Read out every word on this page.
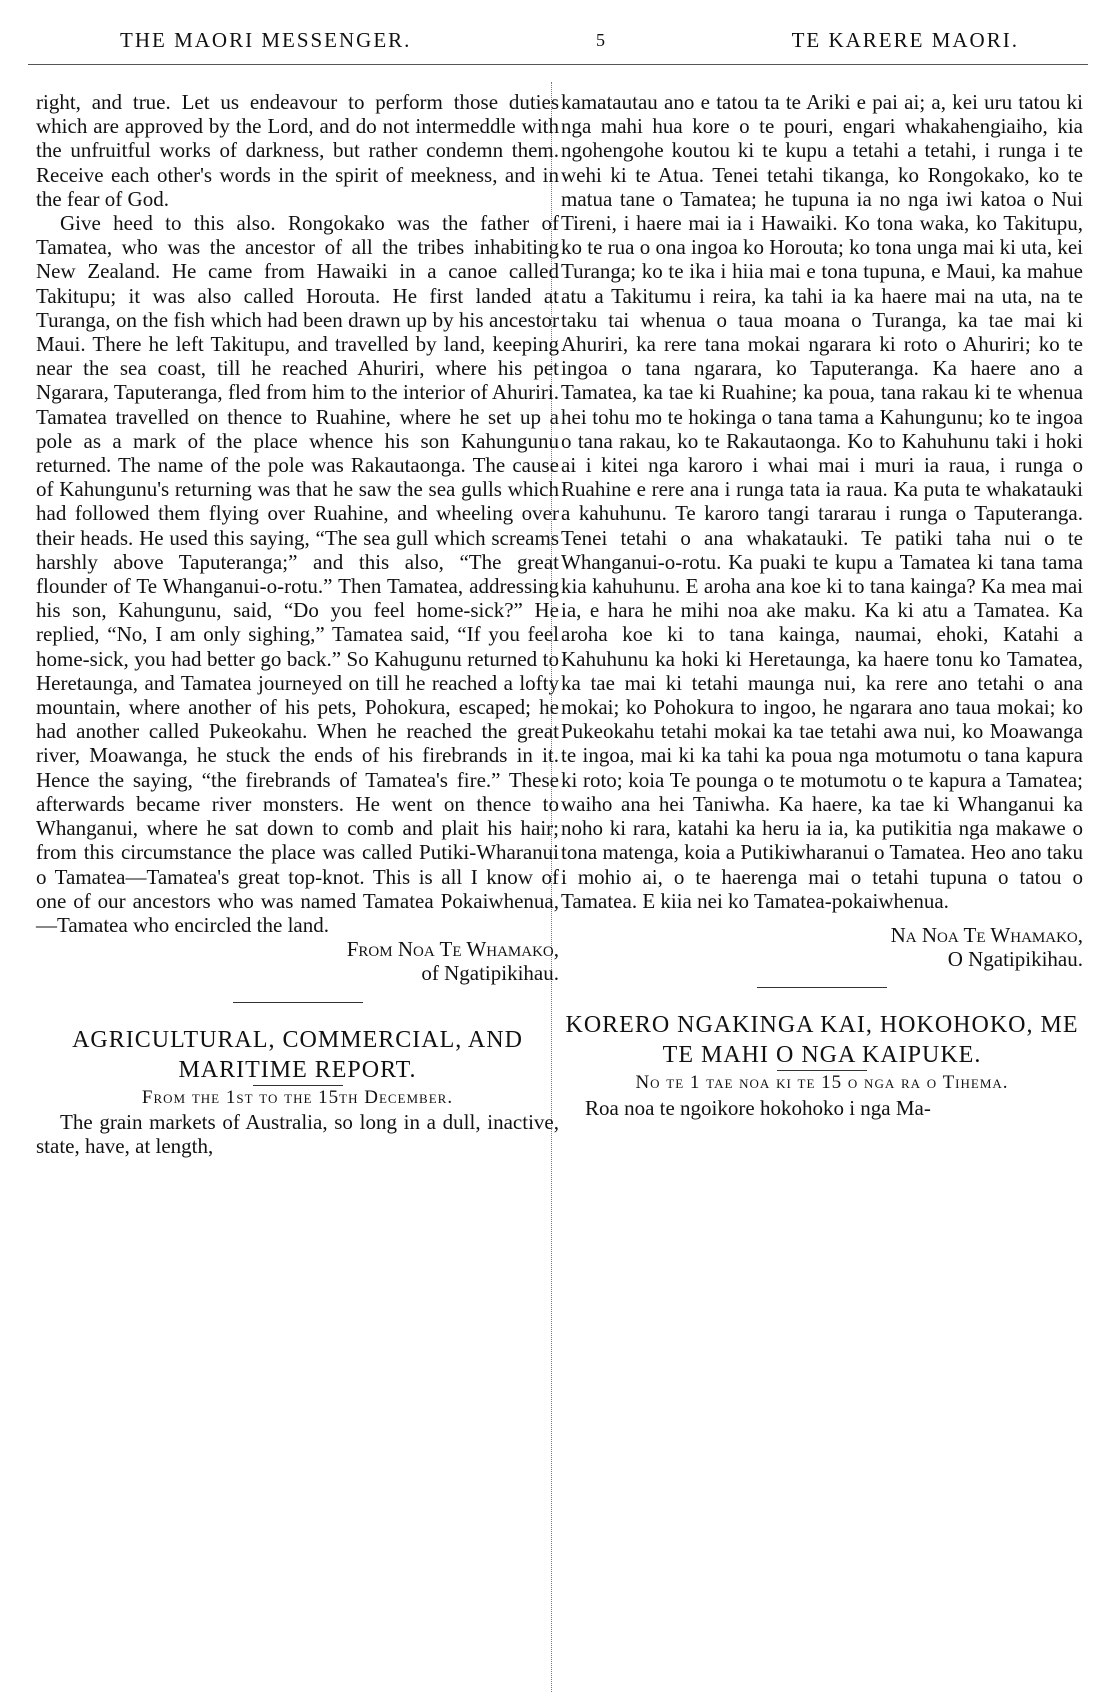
THE MAORI MESSENGER.	5	TE KARERE MAORI.

right, and true. Let us endeavour to perform those duties which are approved by the Lord, and do not intermeddle with the unfruitful works of darkness, but rather condemn them. Receive each other's words in the spirit of meekness, and in the fear of God.

Give heed to this also. Rongokako was the father of Tamatea, who was the ancestor of all the tribes inhabiting New Zealand. He came from Hawaiki in a canoe called Takitupu; it was also called Horouta. He first landed at Turanga, on the fish which had been drawn up by his ancestor Maui. There he left Takitupu, and travelled by land, keeping near the sea coast, till he reached Ahuriri, where his pet Ngarara, Taputeranga, fled from him to the interior of Ahuriri. Tamatea travelled on thence to Ruahine, where he set up a pole as a mark of the place whence his son Kahungunu returned. The name of the pole was Rakautaonga. The cause of Kahungunu's returning was that he saw the sea gulls which had followed them flying over Ruahine, and wheeling over their heads. He used this saying, “The sea gull which screams harshly above Taputeranga;” and this also, “The great flounder of Te Whanganui-o-rotu.” Then Tamatea, addressing his son, Kahungunu, said, “Do you feel home-sick?” He replied, “No, I am only sighing,” Tamatea said, “If you feel home-sick, you had better go back.” So Kahugunu returned to Heretaunga, and Tamatea journeyed on till he reached a lofty mountain, where another of his pets, Pohokura, escaped; he had another called Pukeokahu. When he reached the great river, Moawanga, he stuck the ends of his firebrands in it. Hence the saying, “the firebrands of Tamatea's fire.” These afterwards became river monsters. He went on thence to Whanganui, where he sat down to comb and plait his hair; from this circumstance the place was called Putiki-Wharanui o Tamatea—Tamatea's great top-knot. This is all I know of one of our ancestors who was named Tamatea Pokaiwhenua,—Tamatea who encircled the land.

From Noa Te Whamako,

of Ngatipikihau.

AGRICULTURAL, COMMERCIAL, AND MARITIME REPORT.

From the 1st to the 15th December.

The grain markets of Australia, so long in a dull, inactive, state, have, at length,

kamatautau ano e tatou ta te Ariki e pai ai; a, kei uru tatou ki nga mahi hua kore o te pouri, engari whakahengiaiho, kia ngohengohe koutou ki te kupu a tetahi a tetahi, i runga i te wehi ki te Atua. Tenei tetahi tikanga, ko Rongokako, ko te matua tane o Tamatea; he tupuna ia no nga iwi katoa o Nui Tireni, i haere mai ia i Hawaiki. Ko tona waka, ko Takitupu, ko te rua o ona ingoa ko Horouta; ko tona unga mai ki uta, kei Turanga; ko te ika i hiia mai e tona tupuna, e Maui, ka mahue atu a Takitumu i reira, ka tahi ia ka haere mai na uta, na te taku tai whenua o taua moana o Turanga, ka tae mai ki Ahuriri, ka rere tana mokai ngarara ki roto o Ahuriri; ko te ingoa o tana ngarara, ko Taputeranga. Ka haere ano a Tamatea, ka tae ki Ruahine; ka poua, tana rakau ki te whenua hei tohu mo te hokinga o tana tama a Kahungunu; ko te ingoa o tana rakau, ko te Rakautaonga. Ko to Kahuhunu taki i hoki ai i kitei nga karoro i whai mai i muri ia raua, i runga o Ruahine e rere ana i runga tata ia raua. Ka puta te whakatauki a kahuhunu. Te karoro tangi tararau i runga o Taputeranga. Tenei tetahi o ana whakatauki. Te patiki taha nui o te Whanganui-o-rotu. Ka puaki te kupu a Tamatea ki tana tama kia kahuhunu. E aroha ana koe ki to tana kainga? Ka mea mai ia, e hara he mihi noa ake maku. Ka ki atu a Tamatea. Ka aroha koe ki to tana kainga, naumai, ehoki, Katahi a Kahuhunu ka hoki ki Heretaunga, ka haere tonu ko Tamatea, ka tae mai ki tetahi maunga nui, ka rere ano tetahi o ana mokai; ko Pohokura to ingoo, he ngarara ano taua mokai; ko Pukeokahu tetahi mokai ka tae tetahi awa nui, ko Moawanga te ingoa, mai ki ka tahi ka poua nga motumotu o tana kapura ki roto; koia Te pounga o te motumotu o te kapura a Tamatea; waiho ana hei Taniwha. Ka haere, ka tae ki Whanganui ka noho ki rara, katahi ka heru ia ia, ka putikitia nga makawe o tona matenga, koia a Putikiwharanui o Tamatea. Heo ano taku i mohio ai, o te haerenga mai o tetahi tupuna o tatou o Tamatea. E kiia nei ko Tamatea-pokaiwhenua.

Na Noa Te Whamako,

O Ngatipikihau.

KORERO NGAKINGA KAI, HOKOHOKO, ME TE MAHI O NGA KAIPUKE.

No te 1 tae noa ki te 15 o nga ra o Tihema.

Roa noa te ngoikore hokohoko i nga Ma-
